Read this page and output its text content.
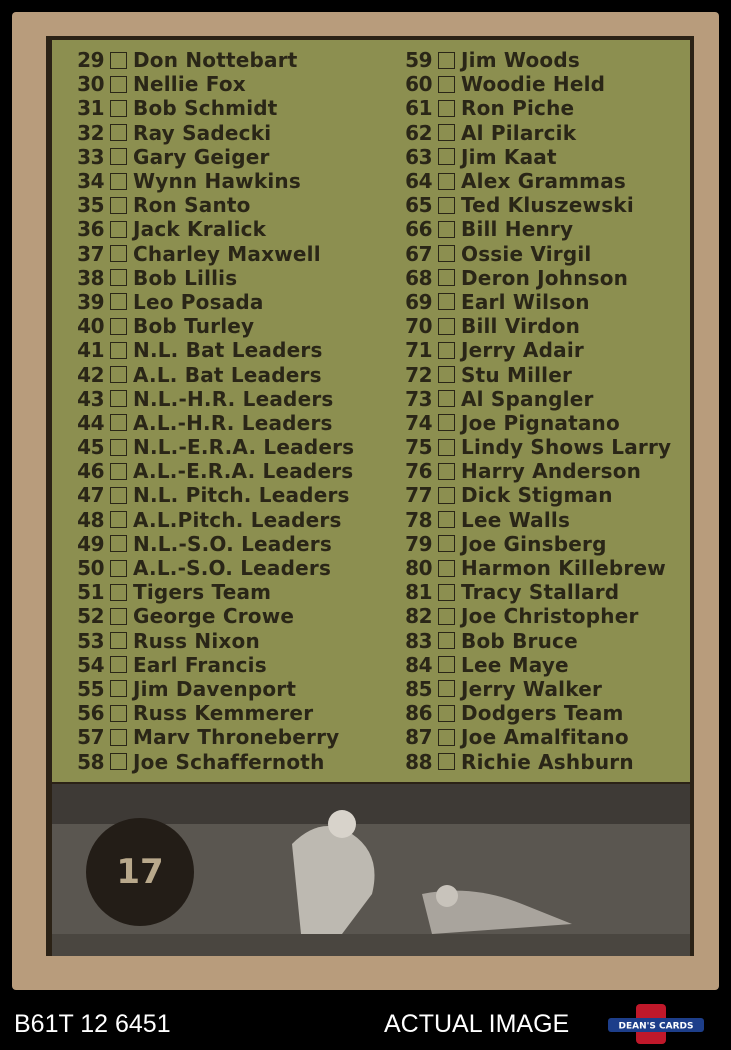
29 Don Nottebart
30 Nellie Fox
31 Bob Schmidt
32 Ray Sadecki
33 Gary Geiger
34 Wynn Hawkins
35 Ron Santo
36 Jack Kralick
37 Charley Maxwell
38 Bob Lillis
39 Leo Posada
40 Bob Turley
41 N.L. Bat Leaders
42 A.L. Bat Leaders
43 N.L.-H.R. Leaders
44 A.L.-H.R. Leaders
45 N.L.-E.R.A. Leaders
46 A.L.-E.R.A. Leaders
47 N.L. Pitch. Leaders
48 A.L.Pitch. Leaders
49 N.L.-S.O. Leaders
50 A.L.-S.O. Leaders
51 Tigers Team
52 George Crowe
53 Russ Nixon
54 Earl Francis
55 Jim Davenport
56 Russ Kemmerer
57 Marv Throneberry
58 Joe Schaffernoth
59 Jim Woods
60 Woodie Held
61 Ron Piche
62 Al Pilarcik
63 Jim Kaat
64 Alex Grammas
65 Ted Kluszewski
66 Bill Henry
67 Ossie Virgil
68 Deron Johnson
69 Earl Wilson
70 Bill Virdon
71 Jerry Adair
72 Stu Miller
73 Al Spangler
74 Joe Pignatano
75 Lindy Shows Larry
76 Harry Anderson
77 Dick Stigman
78 Lee Walls
79 Joe Ginsberg
80 Harmon Killebrew
81 Tracy Stallard
82 Joe Christopher
83 Bob Bruce
84 Lee Maye
85 Jerry Walker
86 Dodgers Team
87 Joe Amalfitano
88 Richie Ashburn
17
B61T 12 6451	ACTUAL IMAGE	DEAN'S CARDS
